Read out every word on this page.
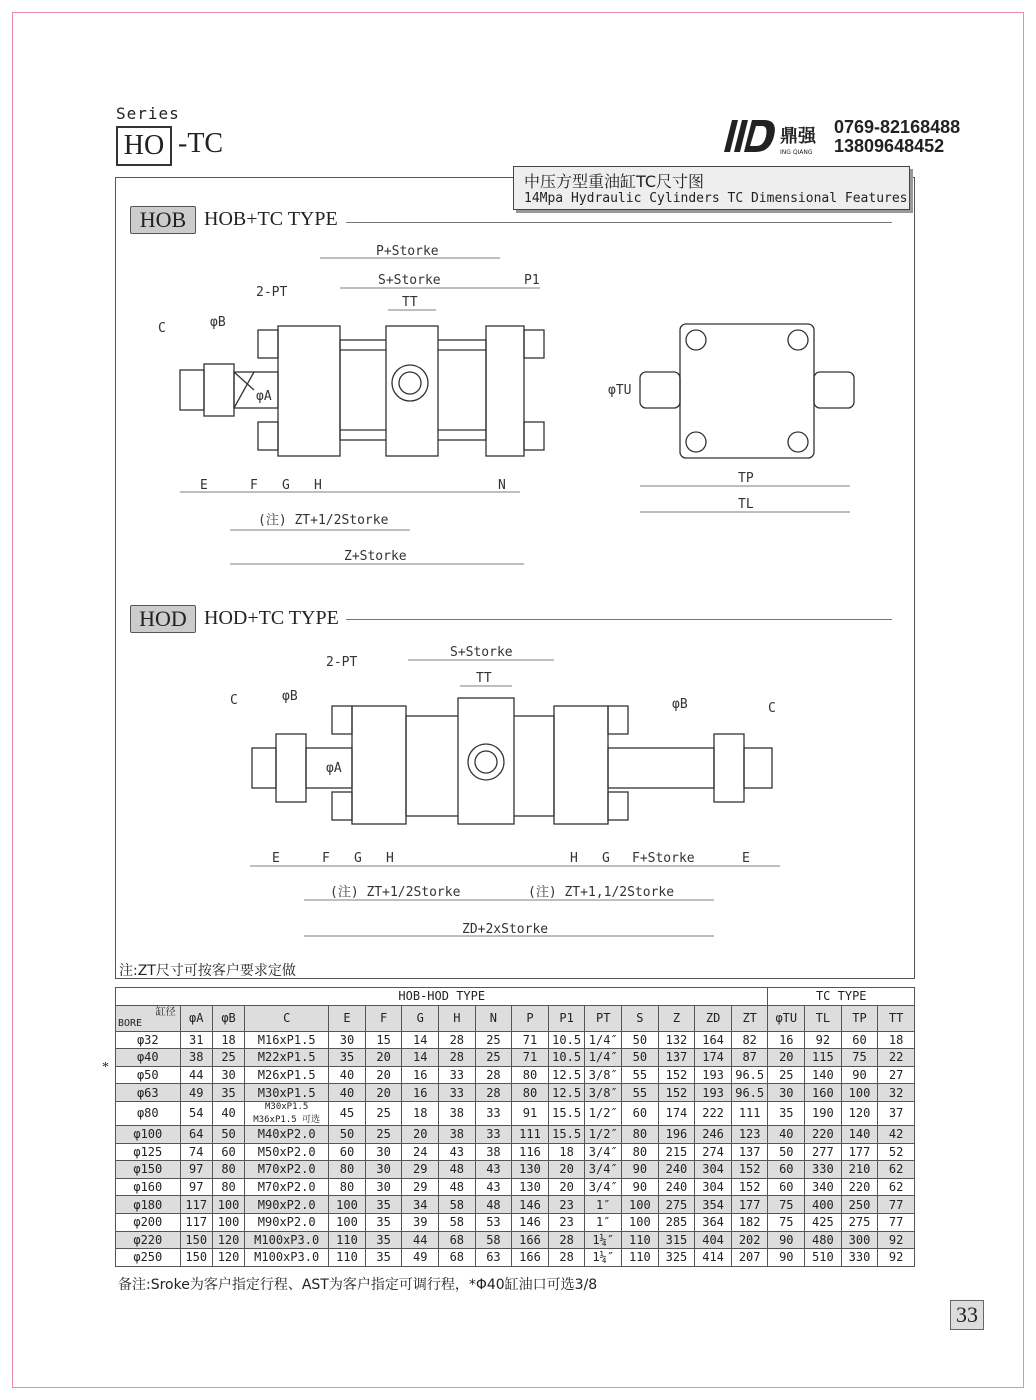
Series
HO -TC	鼎强
ING QIANG
0769-82168488
13809648452
中压方型重油缸TC尺寸图
14Mpa Hydraulic Cylinders TC Dimensional Features
HOB HOB+TC TYPE
HOD HOD+TC TYPE
P+Storke
S+Storke	P1
TT
2-PT
C	φB
φA
E	F G H	N
(注) ZT+1/2Storke
Z+Storke
φTU
TP
TL
S+Storke
TT
2-PT
C
C
φB
φB
φA
E	F G H	H G F+Storke	E
(注) ZT+1/2Storke	(注) ZT+1,1/2Storke
ZD+2xStorke
注:ZT尺寸可按客户要求定做
HOB-HOD TYPE																TC TYPE			

缸径
BORE	φA	φB	C	E	F	G	H	N	P	P1	PT	S	Z	ZD	ZT	φTU	TL	TP	TT
φ32	31	18	M16xP1.5	30	15	14	28	25	71	10.5	1/4″	50	132	164	82	16	92	60	18
φ40	38	25	M22xP1.5	35	20	14	28	25	71	10.5	1/4″	50	137	174	87	20	115	75	22
φ50	44	30	M26xP1.5	40	20	16	33	28	80	12.5	3/8″	55	152	193	96.5	25	140	90	27
φ63	49	35	M30xP1.5	40	20	16	33	28	80	12.5	3/8″	55	152	193	96.5	30	160	100	32
φ80	54	40	M30xP1.5 M36xP1.5 可选	45	25	18	38	33	91	15.5	1/2″	60	174	222	111	35	190	120	37
φ100	64	50	M40xP2.0	50	25	20	38	33	111	15.5	1/2″	80	196	246	123	40	220	140	42
φ125	74	60	M50xP2.0	60	30	24	43	38	116	18	3/4″	80	215	274	137	50	277	177	52
φ150	97	80	M70xP2.0	80	30	29	48	43	130	20	3/4″	90	240	304	152	60	330	210	62
φ160	97	80	M70xP2.0	80	30	29	48	43	130	20	3/4″	90	240	304	152	60	340	220	62
φ180	117	100	M90xP2.0	100	35	34	58	48	146	23	1″	100	275	354	177	75	400	250	77
φ200	117	100	M90xP2.0	100	35	39	58	53	146	23	1″	100	285	364	182	75	425	275	77
φ220	150	120	M100xP3.0	110	35	44	68	58	166	28	1¼″	110	315	404	202	90	480	300	92
φ250	150	120	M100xP3.0	110	35	49	68	63	166	28	1¼″	110	325	414	207	90	510	330	92
*
备注:Sroke为客户指定行程、AST为客户指定可调行程，*Φ40缸油口可选3/8
33
